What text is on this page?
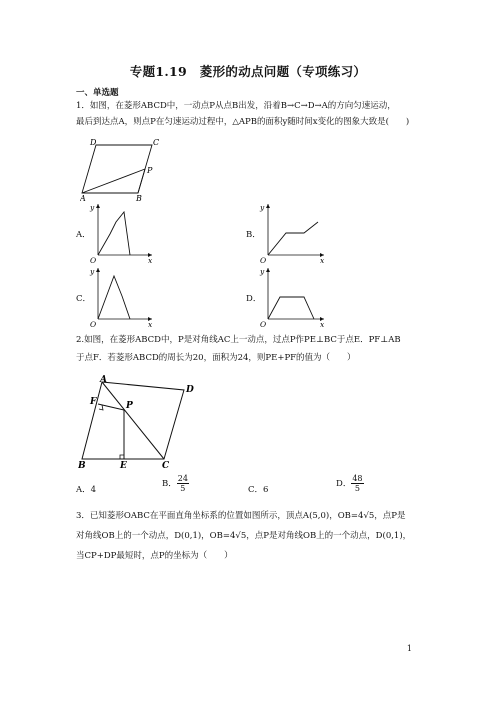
专题1.19　菱形的动点问题（专项练习）
一、单选题
1．如图，在菱形ABCD中，一动点P从点B出发，沿着B→C→D→A的方向匀速运动，
最后到达点A，则点P在匀速运动过程中，△APB的面积y随时间x变化的图象大致是(　　)
D	C
P
A	B
A．
y
x
O
B．
y
x
O
C．
y
x
O
D．
y
x
O
2.如图，在菱形ABCD中，P是对角线AC上一动点，过点P作PE⊥BC于点E．PF⊥AB
于点F．若菱形ABCD的周长为20，面积为24，则PE+PF的值为（　　）
A
D
F	P
B	E	C
A．4
B． $\frac{24}{5}$	C．6
D． $\frac{48}{5}$
3．已知菱形OABC在平面直角坐标系的位置如图所示，顶点A(5,0)，OB=4√5，点P是
对角线OB上的一个动点，D(0,1)，OB=4√5，点P是对角线OB上的一个动点，D(0,1)，
当CP+DP最短时，点P的坐标为（　　）
1
